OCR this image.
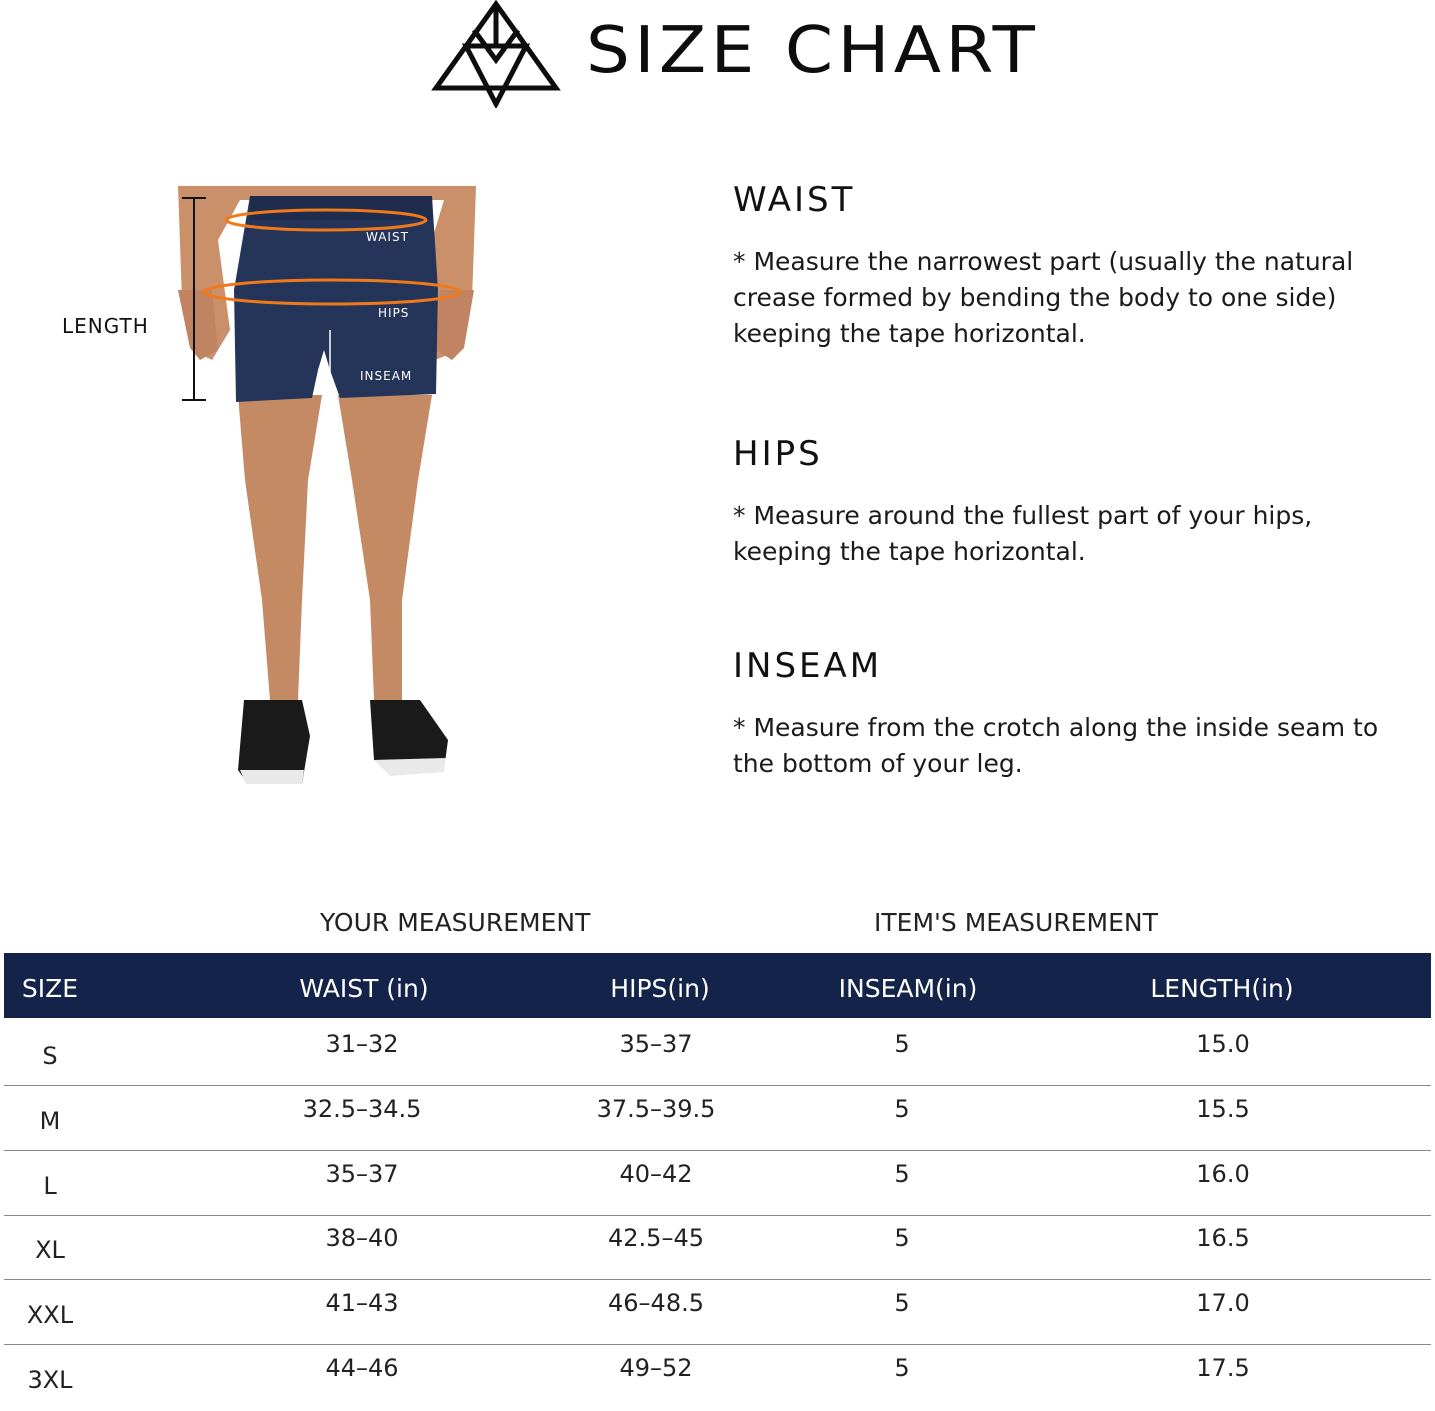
SIZE CHART
LENGTH
WAIST
HIPS
INSEAM
WAIST

* Measure the narrowest part (usually the natural crease formed by bending the body to one side) keeping the tape horizontal.

HIPS

* Measure around the fullest part of your hips, keeping the tape horizontal.

INSEAM

* Measure from the crotch along the inside seam to the bottom of your leg.

YOUR MEASUREMENT	ITEM'S MEASUREMENT
SIZE	WAIST (in)	HIPS(in)	INSEAM(in)	LENGTH(in)
S	31–32	35–37	5	15.0
M	32.5–34.5	37.5–39.5	5	15.5
L	35–37	40–42	5	16.0
XL	38–40	42.5–45	5	16.5
XXL	41–43	46–48.5	5	17.0
3XL	44–46	49–52	5	17.5
